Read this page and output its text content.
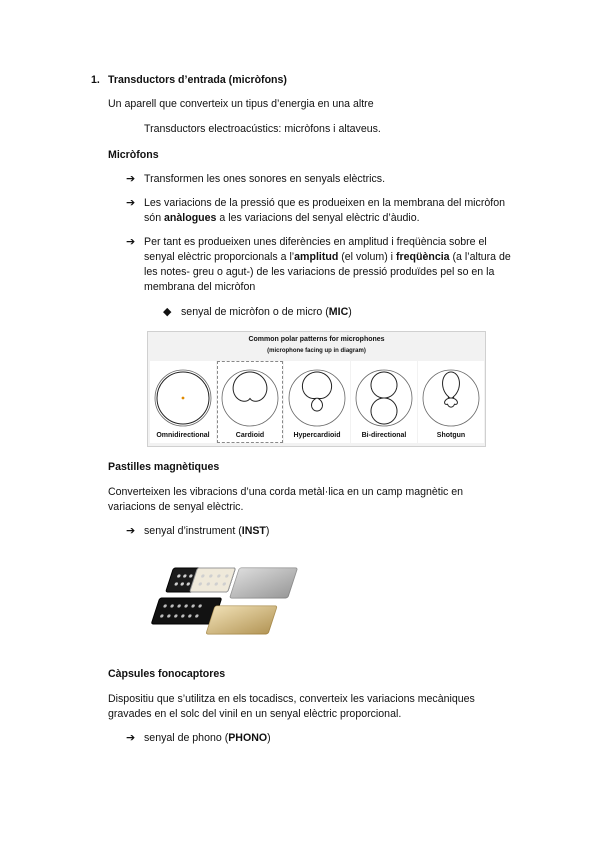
1. Transductors d’entrada (micròfons)
Un aparell que converteix un tipus d’energia en una altre
Transductors electroacústics: micròfons i altaveus.
Micròfons
➔ Transformen les ones sonores en senyals elèctrics.
➔ Les variacions de la pressió que es produeixen en la membrana del micròfon
són anàlogues a les variacions del senyal elèctric d’àudio.
➔ Per tant es produeixen unes diferències en amplitud i freqüència sobre el
senyal elèctric proporcionals a l’amplitud (el volum) i freqüència (a l’altura de
les notes- greu o agut-) de les variacions de pressió produïdes pel so en la
membrana del micròfon
◆ senyal de micròfon o de micro (MIC)
Common polar patterns for microphones
(microphone facing up in diagram)
Omnidirectional	Cardioid	Hypercardioid	Bi-directional	Shotgun
Pastilles magnètiques
Converteixen les vibracions d’una corda metàl·lica en un camp magnètic en
variacions de senyal elèctric.
➔ senyal d’instrument (INST)
Càpsules fonocaptores
Dispositiu que s’utilitza en els tocadiscs, converteix les variacions mecàniques
gravades en el solc del vinil en un senyal elèctric proporcional.
➔ senyal de phono (PHONO)
